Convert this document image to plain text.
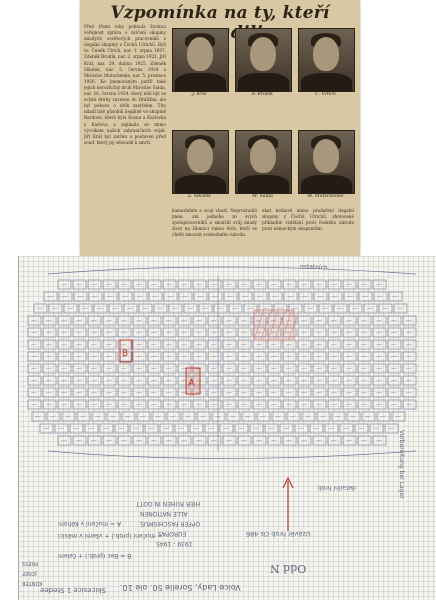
Vzpomínka na ty, kteří

Před třemi roky pohnula širokou veřejnost zpráva o zatčení skupiny mladých osvětových pracovníků z ilegální skupiny z Čechů Ulrichů. Byli to: Čeněk Ulrich, nar. 1. srpna 1897, Zdeněk Brodík, nar. 2. srpna 1921, Jiří Král, nar. 29. dubna 1925, Zdeněk Sikolek, nar. 5. června 1924 a Miroslav Mutschenke, nar. 5. prosince 1926. Ke jmenovaným patřil také jejich nerozlučný druh Miroslav Saida, nar. 16. června 1924, který měl být se svými druhy zavezen do Drážďan, ale byl pokusu o útěk zastřelen. Tito mladí lidé působili ilegálně ve skupině Bardové, která byla Rosna a Karlovka z Karlova a zajímala se mimo výcvikem našich zahraničních vojsk. Jiří Král byl zatčen a postaven před soud, který jej odsoudil k smrti.

J. Král	F. Brodík	Č. Ulrich
Z. Sikolek	M. Saida	M. Mutschenke

kamarádem a svojí vlastí. Neprozradili jmen, ani jednoho ze svých spolupracovníků a skončili svůj mladý život na šibenici rukou těch, kteří se chtěli zmocnit svobodného národa.

ekat ketkavé mimo pradaření ilegalní skupiny z Čechů Ulrichů, zhotovené příkladné vzdělání proti českého národa proti německým okupantům.

A
B
ostatních ...
Vorbereitung bei Lager
detailní hrob
Uzávěr hrob čís 486
Odd N
HIER RUHEN IN GOTT
ALLE NATIONEN
OPFER FASCHISMUS
EUROPAS
1939 - 1945
A = mučení v Kéhom
= mučení (prob.) + všemi v měsíci
B = Bec (prob.) + čelem
PRESS
JOSEF
KONTER	Voice Lady, Sorelie 50. ole 10.
Skicesice 1 Stedee
